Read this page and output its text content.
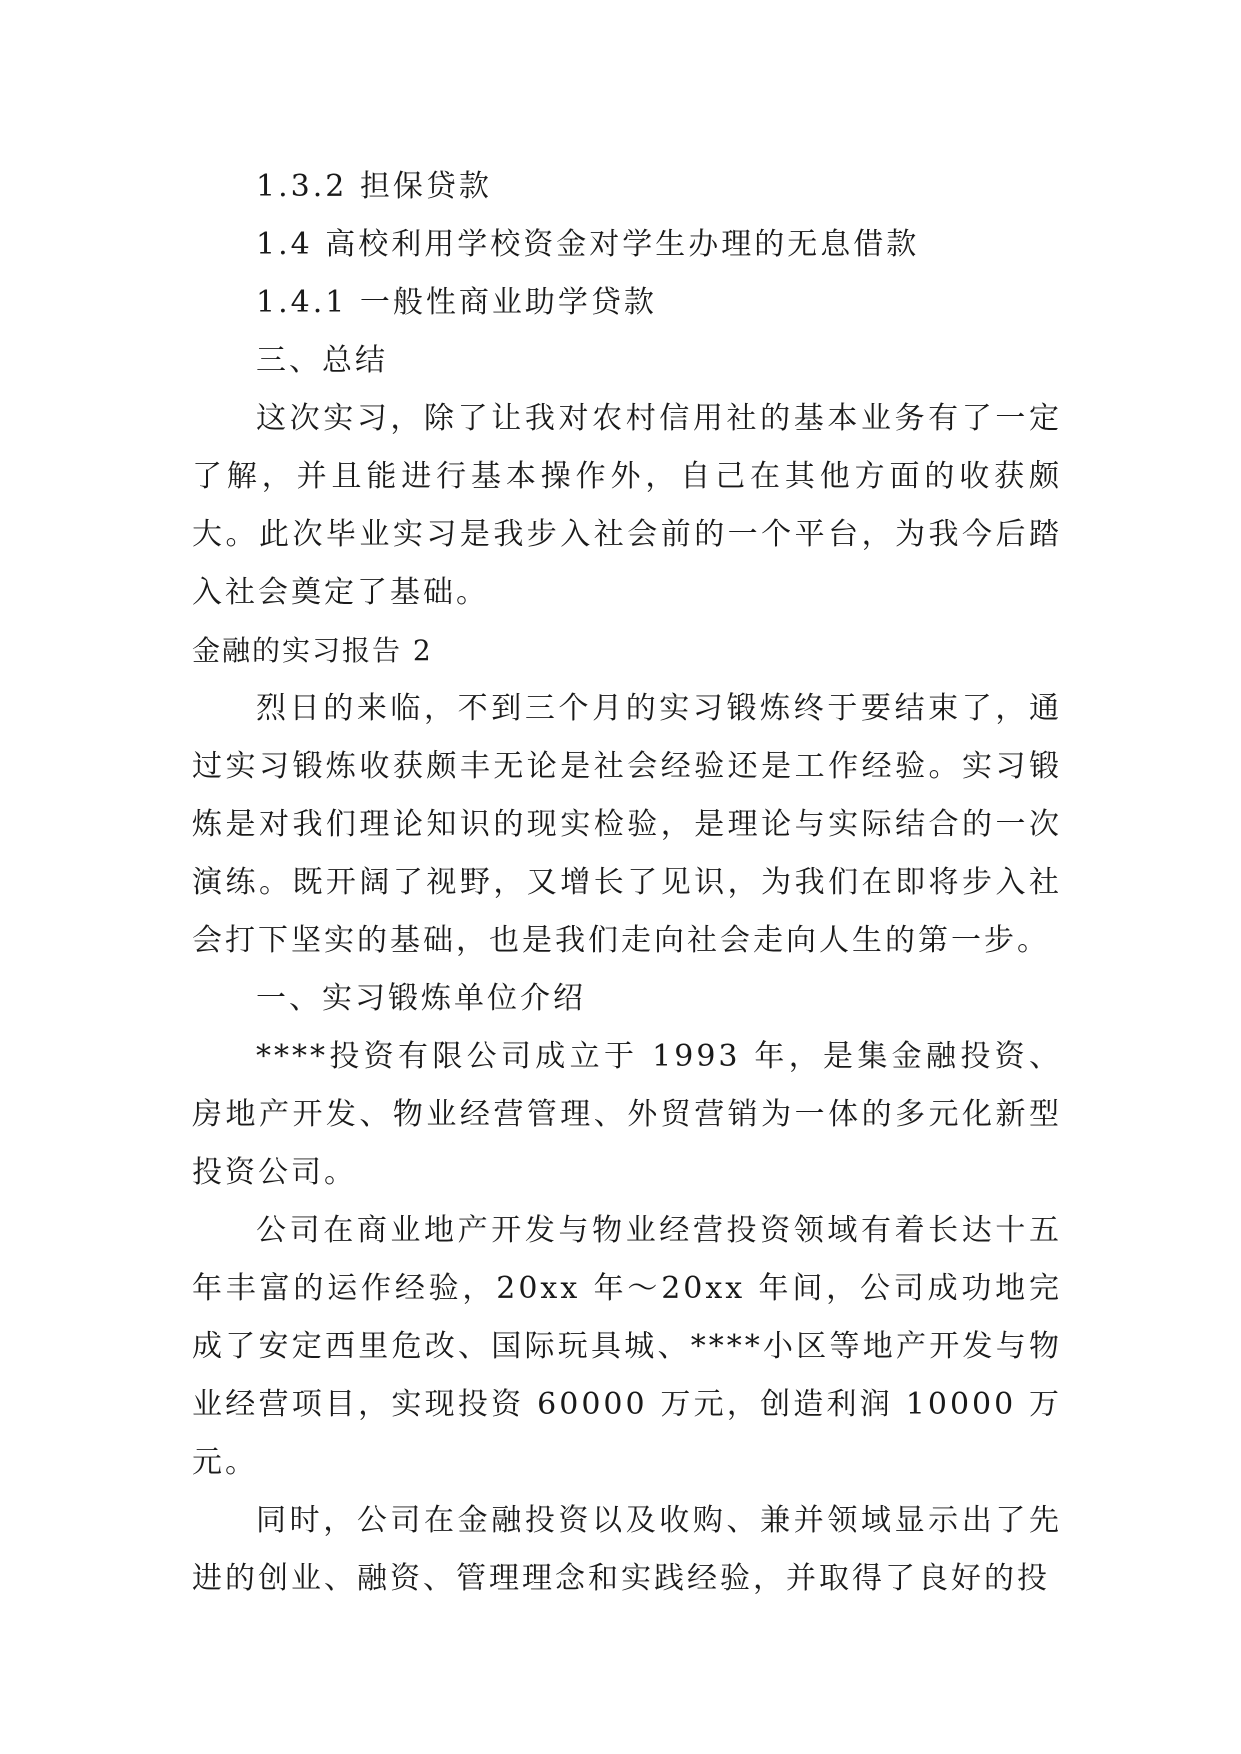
1.3.2 担保贷款
1.4 高校利用学校资金对学生办理的无息借款
1.4.1 一般性商业助学贷款
三、总结

这次实习，除了让我对农村信用社的基本业务有了一定了解，并且能进行基本操作外，自己在其他方面的收获颇大。此次毕业实习是我步入社会前的一个平台，为我今后踏入社会奠定了基础。

金融的实习报告 2

烈日的来临，不到三个月的实习锻炼终于要结束了，通过实习锻炼收获颇丰无论是社会经验还是工作经验。实习锻炼是对我们理论知识的现实检验，是理论与实际结合的一次演练。既开阔了视野，又增长了见识，为我们在即将步入社会打下坚实的基础，也是我们走向社会走向人生的第一步。

一、实习锻炼单位介绍

****投资有限公司成立于 1993 年，是集金融投资、房地产开发、物业经营管理、外贸营销为一体的多元化新型投资公司。

公司在商业地产开发与物业经营投资领域有着长达十五年丰富的运作经验，20xx 年～20xx 年间，公司成功地完成了安定西里危改、国际玩具城、****小区等地产开发与物业经营项目，实现投资 60000 万元，创造利润 10000 万元。

同时，公司在金融投资以及收购、兼并领域显示出了先进的创业、融资、管理理念和实践经验，并取得了良好的投
